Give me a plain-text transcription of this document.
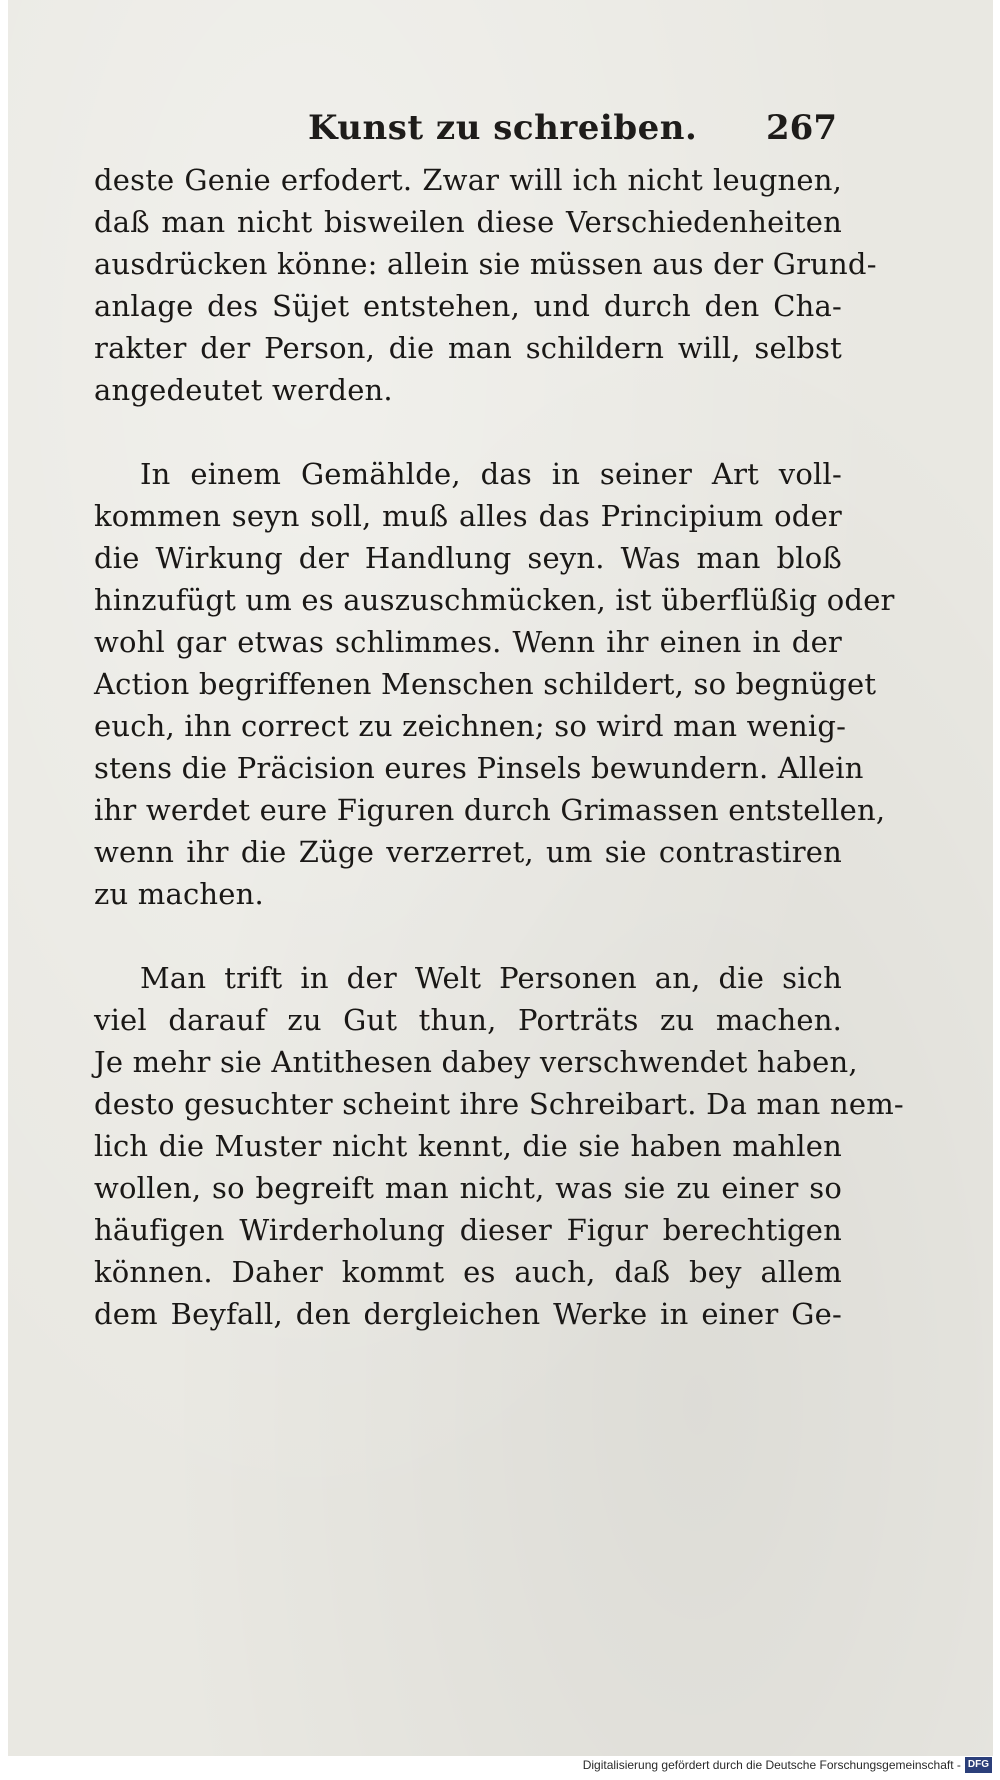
Kunst zu schreiben. 267
deste Genie erfodert. Zwar will ich nicht leugnen,
daß man nicht bisweilen diese Verschiedenheiten
ausdrücken könne: allein sie müssen aus der Grund-
anlage des Süjet entstehen, und durch den Cha-
rakter der Person, die man schildern will, selbst
angedeutet werden.
In einem Gemählde, das in seiner Art voll-
kommen seyn soll, muß alles das Principium oder
die Wirkung der Handlung seyn. Was man bloß
hinzufügt um es auszuschmücken, ist überflüßig oder
wohl gar etwas schlimmes. Wenn ihr einen in der
Action begriffenen Menschen schildert, so begnüget
euch, ihn correct zu zeichnen; so wird man wenig-
stens die Präcision eures Pinsels bewundern. Allein
ihr werdet eure Figuren durch Grimassen entstellen,
wenn ihr die Züge verzerret, um sie contrastiren
zu machen.
Man trift in der Welt Personen an, die sich
viel darauf zu Gut thun, Porträts zu machen.
Je mehr sie Antithesen dabey verschwendet haben,
desto gesuchter scheint ihre Schreibart. Da man nem-
lich die Muster nicht kennt, die sie haben mahlen
wollen, so begreift man nicht, was sie zu einer so
häufigen Wirderholung dieser Figur berechtigen
können. Daher kommt es auch, daß bey allem
dem Beyfall, den dergleichen Werke in einer Ge-
Digitalisierung gefördert durch die Deutsche Forschungsgemeinschaft - DFG
